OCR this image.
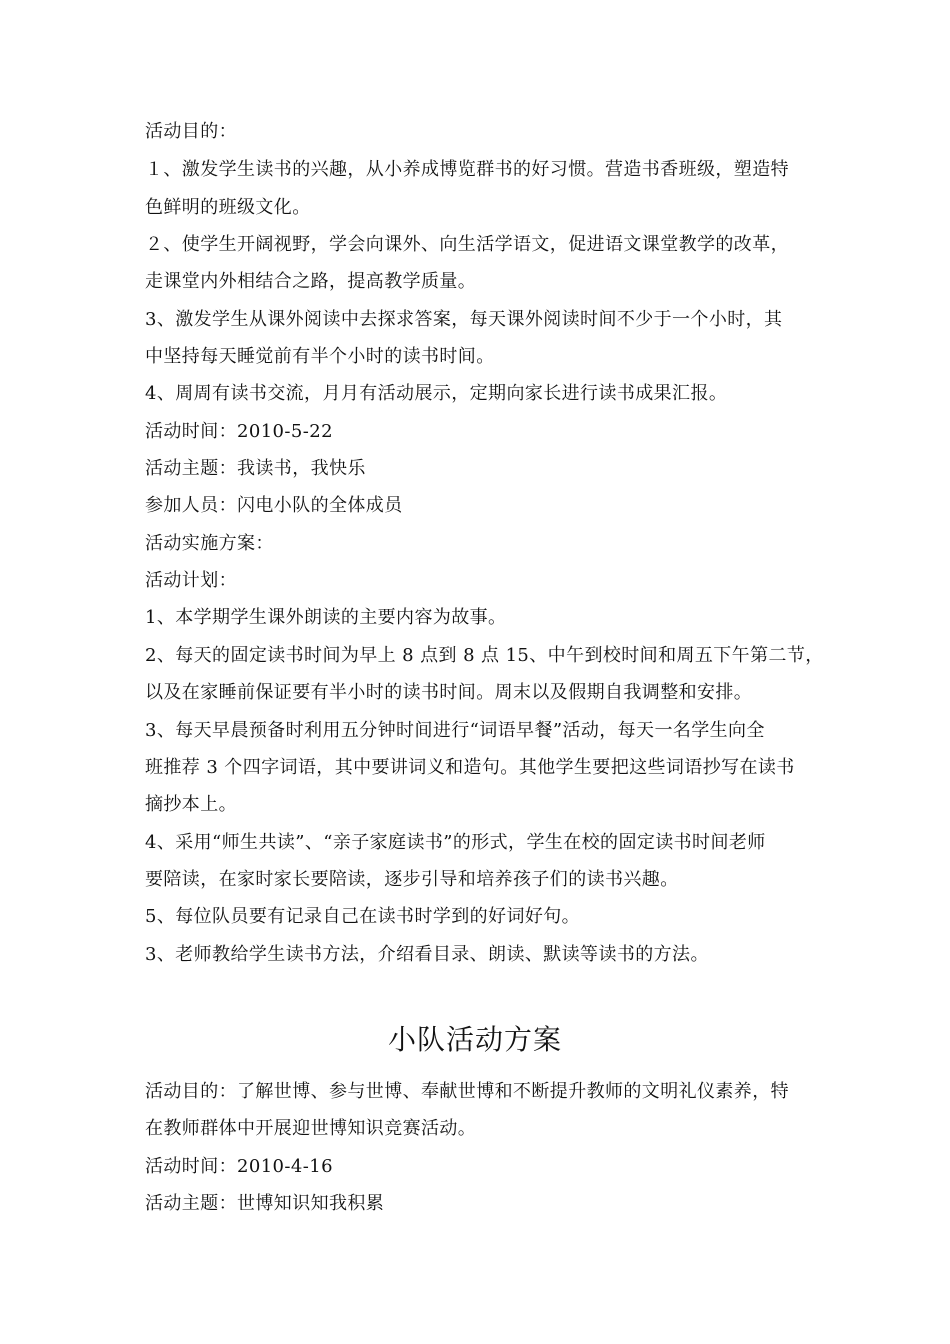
活动目的：
１、激发学生读书的兴趣，从小养成博览群书的好习惯。营造书香班级，塑造特
色鲜明的班级文化。
２、使学生开阔视野，学会向课外、向生活学语文，促进语文课堂教学的改革，
走课堂内外相结合之路，提高教学质量。
3、激发学生从课外阅读中去探求答案，每天课外阅读时间不少于一个小时，其
中坚持每天睡觉前有半个小时的读书时间。
4、周周有读书交流，月月有活动展示，定期向家长进行读书成果汇报。
活动时间：2010-5-22
活动主题：我读书，我快乐
参加人员：闪电小队的全体成员
活动实施方案：
活动计划：
1、本学期学生课外朗读的主要内容为故事。
2、每天的固定读书时间为早上 8 点到 8 点 15、中午到校时间和周五下午第二节，
以及在家睡前保证要有半小时的读书时间。周末以及假期自我调整和安排。
3、每天早晨预备时利用五分钟时间进行“词语早餐”活动，每天一名学生向全
班推荐 3 个四字词语，其中要讲词义和造句。其他学生要把这些词语抄写在读书
摘抄本上。
4、采用“师生共读”、“亲子家庭读书”的形式，学生在校的固定读书时间老师
要陪读，在家时家长要陪读，逐步引导和培养孩子们的读书兴趣。
5、每位队员要有记录自己在读书时学到的好词好句。
3、老师教给学生读书方法，介绍看目录、朗读、默读等读书的方法。
小队活动方案
活动目的：了解世博、参与世博、奉献世博和不断提升教师的文明礼仪素养，特
在教师群体中开展迎世博知识竞赛活动。
活动时间：2010-4-16
活动主题：世博知识知我积累
